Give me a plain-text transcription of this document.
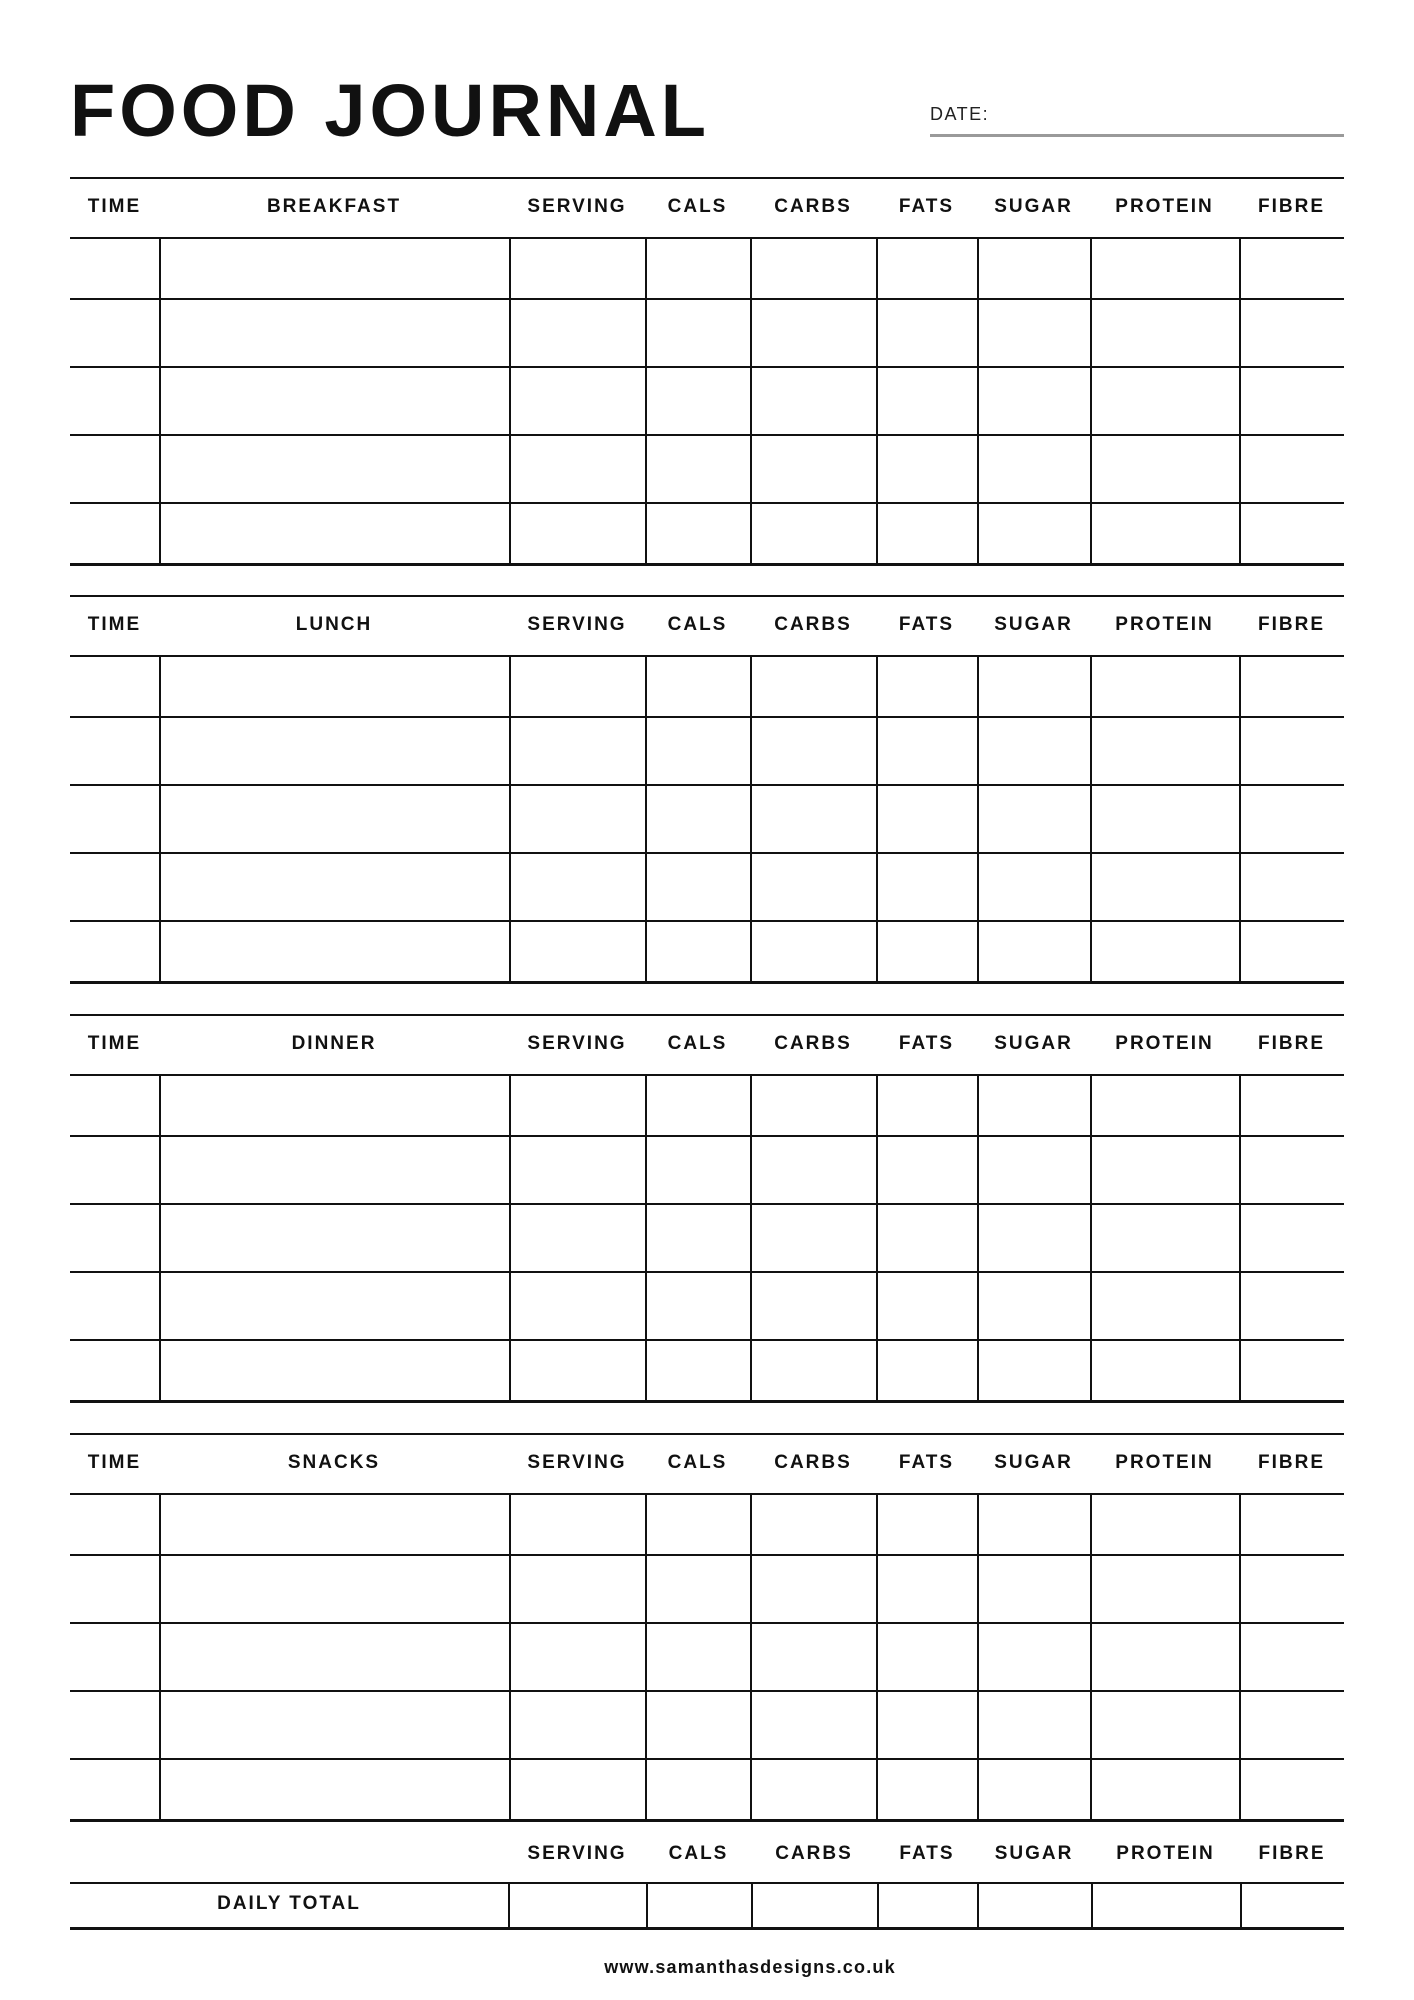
FOOD JOURNAL	DATE:
TIME	BREAKFAST	SERVING	CALS	CARBS	FATS	SUGAR	PROTEIN	FIBRE
TIME	LUNCH	SERVING	CALS	CARBS	FATS	SUGAR	PROTEIN	FIBRE
TIME	DINNER	SERVING	CALS	CARBS	FATS	SUGAR	PROTEIN	FIBRE
TIME	SNACKS	SERVING	CALS	CARBS	FATS	SUGAR	PROTEIN	FIBRE
SERVING	CALS	CARBS	FATS	SUGAR	PROTEIN	FIBRE
DAILY TOTAL
www.samanthasdesigns.co.uk
